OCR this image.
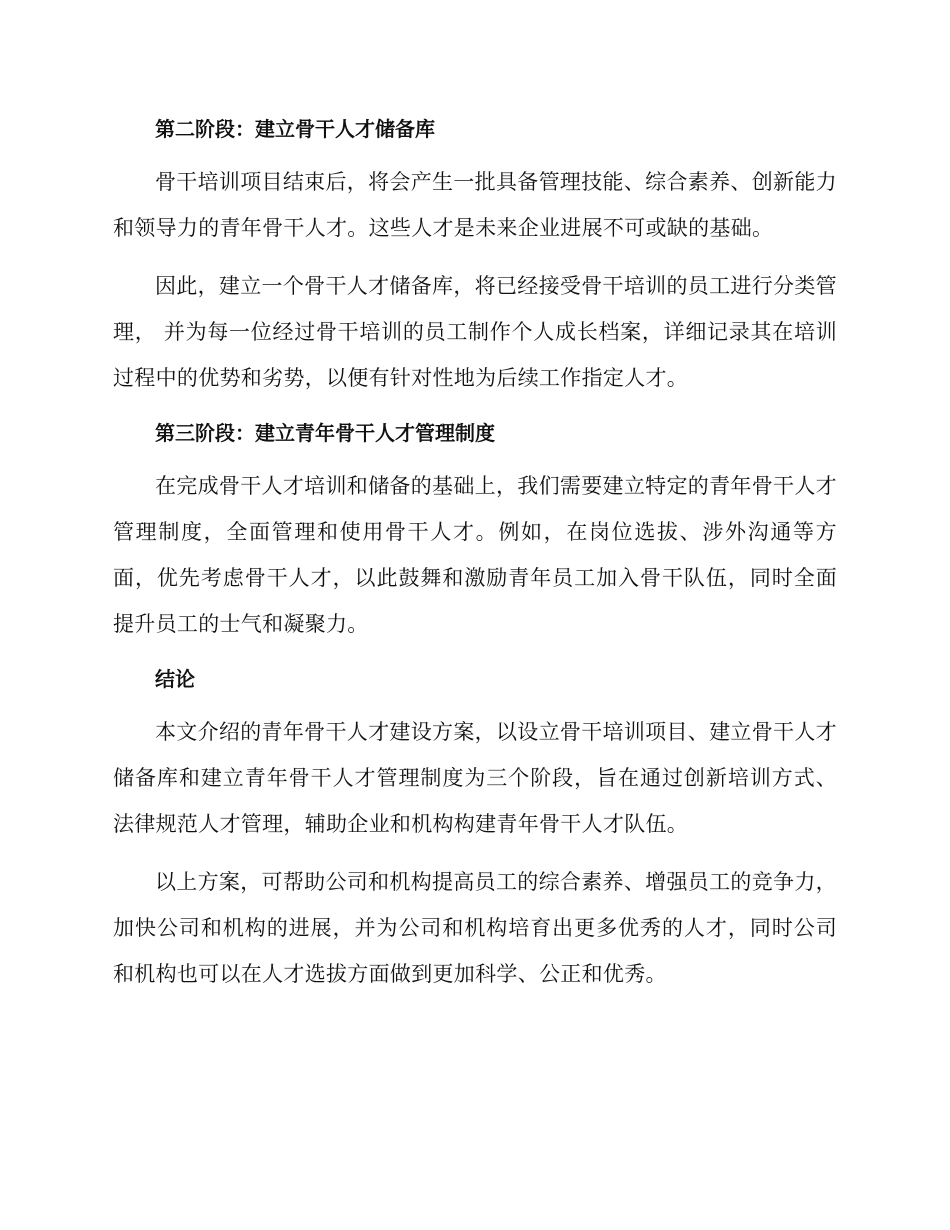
第二阶段：建立骨干人才储备库

骨干培训项目结束后，将会产生一批具备管理技能、综合素养、创新能力和领导力的青年骨干人才。这些人才是未来企业进展不可或缺的基础。

因此，建立一个骨干人才储备库，将已经接受骨干培训的员工进行分类管理， 并为每一位经过骨干培训的员工制作个人成长档案，详细记录其在培训过程中的优势和劣势，以便有针对性地为后续工作指定人才。

第三阶段：建立青年骨干人才管理制度

在完成骨干人才培训和储备的基础上，我们需要建立特定的青年骨干人才管理制度，全面管理和使用骨干人才。例如，在岗位选拔、涉外沟通等方面，优先考虑骨干人才，以此鼓舞和激励青年员工加入骨干队伍，同时全面提升员工的士气和凝聚力。

结论

本文介绍的青年骨干人才建设方案，以设立骨干培训项目、建立骨干人才储备库和建立青年骨干人才管理制度为三个阶段，旨在通过创新培训方式、法律规范人才管理，辅助企业和机构构建青年骨干人才队伍。

以上方案，可帮助公司和机构提高员工的综合素养、增强员工的竞争力，加快公司和机构的进展，并为公司和机构培育出更多优秀的人才，同时公司和机构也可以在人才选拔方面做到更加科学、公正和优秀。
